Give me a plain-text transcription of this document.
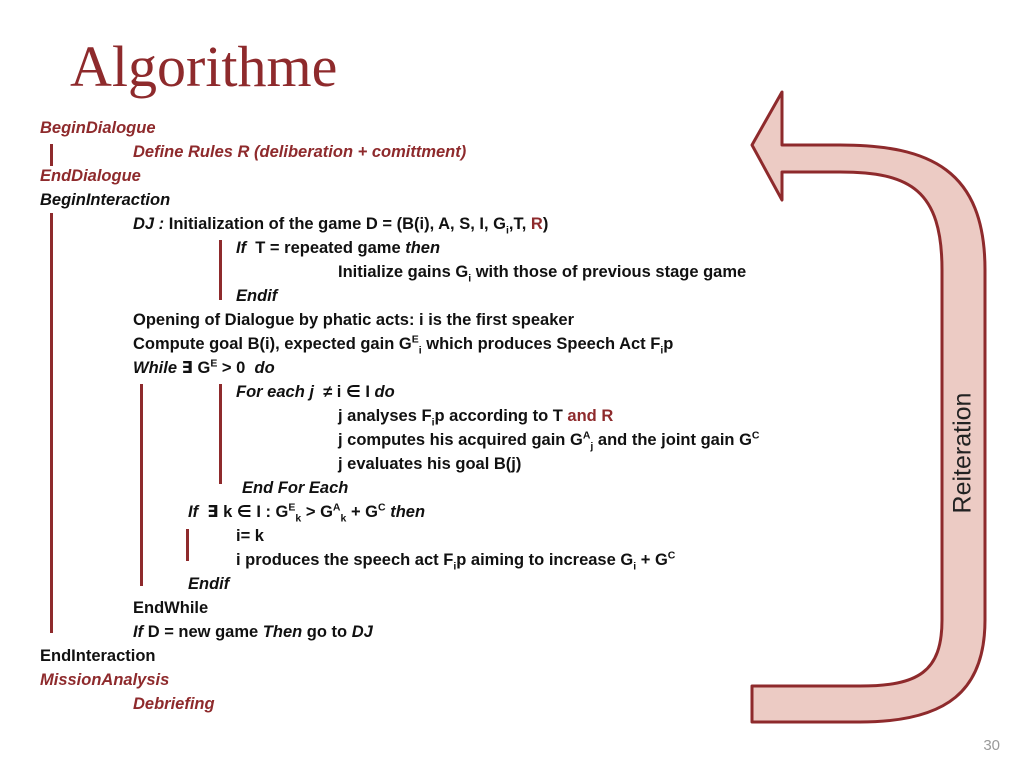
Algorithme
Reiteration
BeginDialogue
Define Rules R (deliberation + comittment)
EndDialogue
BeginInteraction
DJ : Initialization of the game D = (B(i), A, S, I, $G_i,T$, R)
If T = repeated game then
Initialize gains $G_i$ with those of previous stage game
Endif
Opening of Dialogue by phatic acts: i is the first speaker
Compute goal B(i), expected gain $G^E_i$ which produces Speech Act $F_ip$
While ∃ $G^E > 0$ do
For each j ≠ i ∈ I do
j analyses $F_ip$ according to T and R
j computes his acquired gain $G^A_j$ and the joint gain $G^C$
j evaluates his goal B(j)
End For Each
If ∃ k ∈ I : $G^E_k > G^A_k + G^C$ then
i= k
i produces the speech act $F_ip$ aiming to increase $G_i + G^C$
Endif
EndWhile
If D = new game Then go to DJ
EndInteraction
MissionAnalysis
Debriefing
30
